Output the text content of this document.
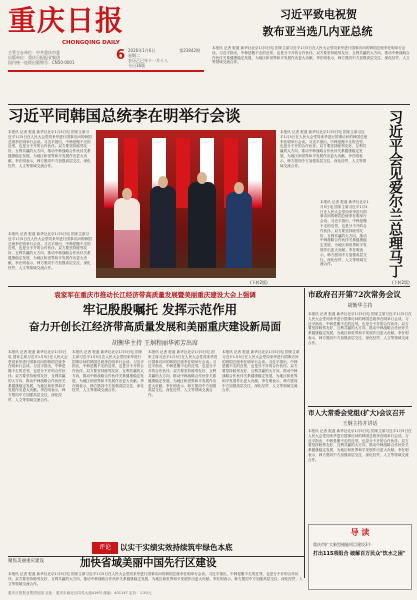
重庆日报
CHONGQING DAILY
6
主管主办单位：中共重庆市委
出版单位：重庆日报报业集团
国内统一连续出版物号：CN50-0001
2026年1月6日
星期二
农历乙巳年十一月十八
今日16版
第23842期
习近平致电祝贺
敦布亚当选几内亚总统
本报讯 记者 报道 新华社北京1月5日电 国家主席习近平1月5日在人民大会堂同来华进行国事访问的韩国总统李在明举行会谈。习近平指出，中韩是搬不走的近邻，也是分不开的合作伙伴。双方要坚持睦邻友好、互利共赢的大方向，推动中韩战略合作伙伴关系健康稳定发展，为地区和世界和平发展作出更大贡献。李在明表示，韩方愿同中方加强高层交往，深化经贸、人文等领域交流合作。
习近平同韩国总统李在明举行会谈
本报讯 记者 报道 新华社北京1月5日电 国家主席习近平1月5日在人民大会堂同来华进行国事访问的韩国总统李在明举行会谈。习近平指出，中韩是搬不走的近邻，也是分不开的合作伙伴。双方要坚持睦邻友好、互利共赢的大方向，推动中韩战略合作伙伴关系健康稳定发展，为地区和世界和平发展作出更大贡献。李在明表示，韩方愿同中方加强高层交往，深化经贸、人文等领域交流合作。
本报讯 记者 报道 新华社北京1月5日电 国家主席习近平1月5日在人民大会堂同来华进行国事访问的韩国总统李在明举行会谈。习近平指出，中韩是搬不走的近邻，也是分不开的合作伙伴。双方要坚持睦邻友好、互利共赢的大方向，推动中韩战略合作伙伴关系健康稳定发展，为地区和世界和平发展作出更大贡献。李在明表示，韩方愿同中方加强高层交往，深化经贸、人文等领域交流合作。
(下转2版)
本报讯 记者 报道 新华社北京1月5日电 国家主席习近平1月5日在人民大会堂同来华进行国事访问的韩国总统李在明举行会谈。习近平指出，中韩是搬不走的近邻，也是分不开的合作伙伴。双方要坚持睦邻友好、互利共赢的大方向，推动中韩战略合作伙伴关系健康稳定发展，为地区和世界和平发展作出更大贡献。李在明表示，韩方愿同中方加强高层交往，深化经贸、人文等领域交流合作。	习近平会见爱尔兰总理马丁
本报讯 记者 报道 新华社北京1月5日电 国家主席习近平1月5日在人民大会堂同来华进行国事访问的韩国总统李在明举行会谈。习近平指出，中韩是搬不走的近邻，也是分不开的合作伙伴。双方要坚持睦邻友好、互利共赢的大方向，推动中韩战略合作伙伴关系健康稳定发展，为地区和世界和平发展作出更大贡献。李在明表示，韩方愿同中方加强高层交往，深化经贸、人文等领域交流合作。
(下转2版)
袁家军在重庆市推动长江经济带高质量发展暨美丽重庆建设大会上强调
牢记殷殷嘱托 发挥示范作用
奋力开创长江经济带高质量发展和美丽重庆建设新局面
胡衡华主持 王炯程丽华郭芳出席
本报讯 记者 报道 新华社北京1月5日电 国家主席习近平1月5日在人民大会堂同来华进行国事访问的韩国总统李在明举行会谈。习近平指出，中韩是搬不走的近邻，也是分不开的合作伙伴。双方要坚持睦邻友好、互利共赢的大方向，推动中韩战略合作伙伴关系健康稳定发展，为地区和世界和平发展作出更大贡献。李在明表示，韩方愿同中方加强高层交往，深化经贸、人文等领域交流合作。
本报讯 记者 报道 新华社北京1月5日电 国家主席习近平1月5日在人民大会堂同来华进行国事访问的韩国总统李在明举行会谈。习近平指出，中韩是搬不走的近邻，也是分不开的合作伙伴。双方要坚持睦邻友好、互利共赢的大方向，推动中韩战略合作伙伴关系健康稳定发展，为地区和世界和平发展作出更大贡献。李在明表示，韩方愿同中方加强高层交往，深化经贸、人文等领域交流合作。
本报讯 记者 报道 新华社北京1月5日电 国家主席习近平1月5日在人民大会堂同来华进行国事访问的韩国总统李在明举行会谈。习近平指出，中韩是搬不走的近邻，也是分不开的合作伙伴。双方要坚持睦邻友好、互利共赢的大方向，推动中韩战略合作伙伴关系健康稳定发展，为地区和世界和平发展作出更大贡献。李在明表示，韩方愿同中方加强高层交往，深化经贸、人文等领域交流合作。
本报讯 记者 报道 新华社北京1月5日电 国家主席习近平1月5日在人民大会堂同来华进行国事访问的韩国总统李在明举行会谈。习近平指出，中韩是搬不走的近邻，也是分不开的合作伙伴。双方要坚持睦邻友好、互利共赢的大方向，推动中韩战略合作伙伴关系健康稳定发展，为地区和世界和平发展作出更大贡献。李在明表示，韩方愿同中方加强高层交往，深化经贸、人文等领域交流合作。
评论	以实干实绩实效持续筑牢绿色本底
市政府召开第72次常务会议
胡衡华主持
本报讯 记者 报道 新华社北京1月5日电 国家主席习近平1月5日在人民大会堂同来华进行国事访问的韩国总统李在明举行会谈。习近平指出，中韩是搬不走的近邻，也是分不开的合作伙伴。双方要坚持睦邻友好、互利共赢的大方向，推动中韩战略合作伙伴关系健康稳定发展，为地区和世界和平发展作出更大贡献。李在明表示，韩方愿同中方加强高层交往，深化经贸、人文等领域交流合作。
市人大常委会党组(扩大)会议召开
王炯主持并讲话
本报讯 记者 报道 新华社北京1月5日电 国家主席习近平1月5日在人民大会堂同来华进行国事访问的韩国总统李在明举行会谈。习近平指出，中韩是搬不走的近邻，也是分不开的合作伙伴。双方要坚持睦邻友好、互利共赢的大方向，推动中韩战略合作伙伴关系健康稳定发展，为地区和世界和平发展作出更大贡献。李在明表示，韩方愿同中方加强高层交往，深化经贸、人文等领域交流合作。
聚焦美丽重庆建设	加快省域美丽中国先行区建设
本报讯 记者 报道 新华社北京1月5日电 国家主席习近平1月5日在人民大会堂同来华进行国事访问的韩国总统李在明举行会谈。习近平指出，中韩是搬不走的近邻，也是分不开的合作伙伴。双方要坚持睦邻友好、互利共赢的大方向，推动中韩战略合作伙伴关系健康稳定发展，为地区和世界和平发展作出更大贡献。李在明表示，韩方愿同中方加强高层交往，深化经贸、人文等领域交流合作。
导 读
重庆市扩大新型储能项目建设3个
打出115项组合 破解百万民众"饮水之困"
重庆日报报业集团出版 社址：重庆市渝北区同茂大道416号 邮编：401147 定价：1.50元
